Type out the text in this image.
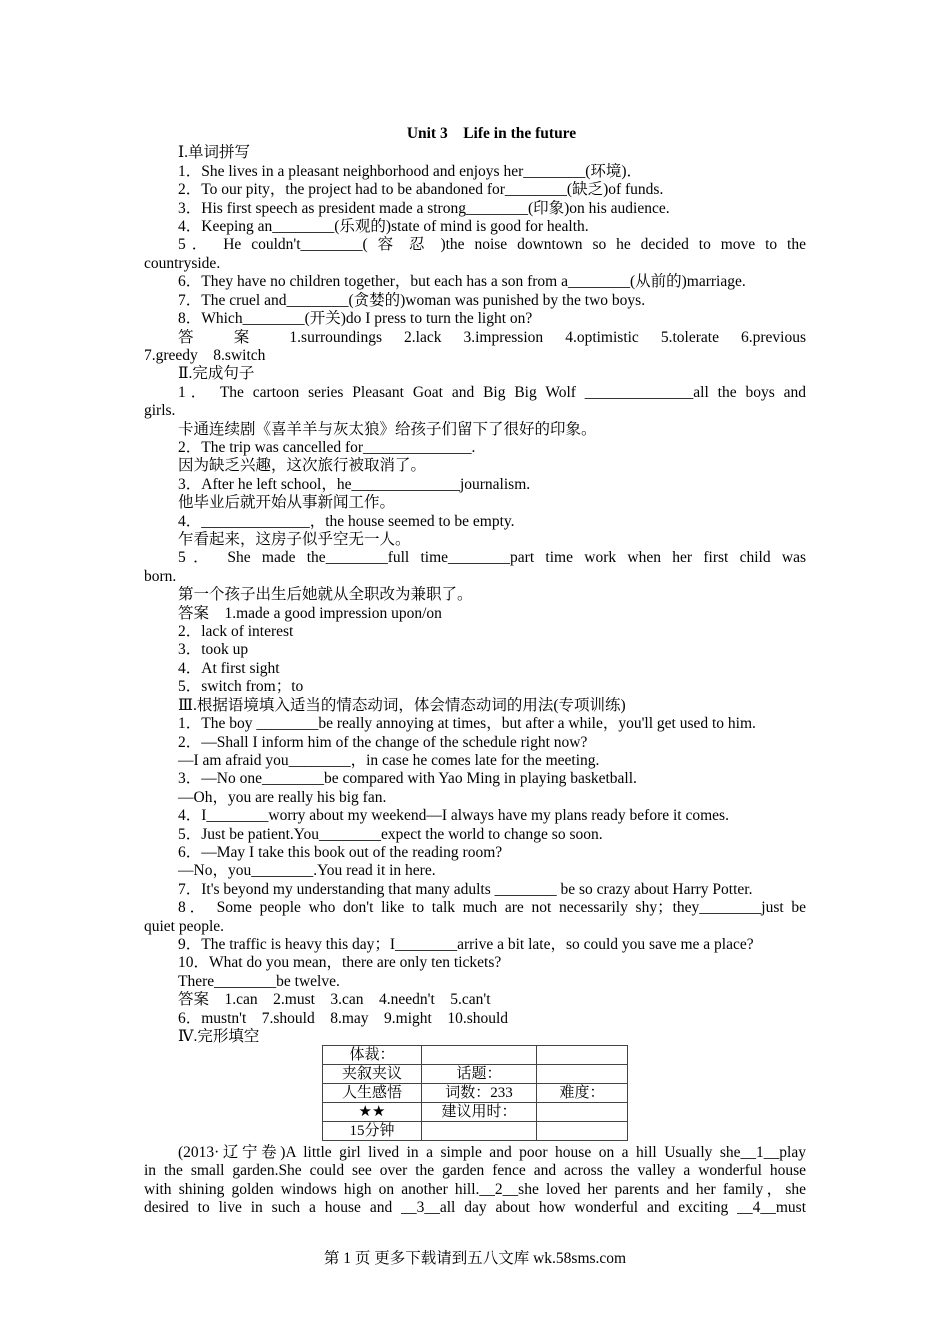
Unit 3　Life in the future
Ⅰ.单词拼写
1．She lives in a pleasant neighborhood and enjoys her________(环境)．
2．To our pity，the project had to be abandoned for________(缺乏)of funds.
3．His first speech as president made a strong________(印象)on his audience.
4．Keeping an________(乐观的)state of mind is good for health.
5． He couldn't________( 容 忍 )the noise downtown so he decided to move to the
countryside.
6．They have no children together，but each has a son from a________(从前的)marriage.
7．The cruel and________(贪婪的)woman was punished by the two boys.
8．Which________(开关)do I press to turn the light on?
答 案 1.surroundings 2.lack 3.impression 4.optimistic 5.tolerate 6.previous
7.greedy　8.switch
Ⅱ.完成句子
1． The cartoon series Pleasant Goat and Big Big Wolf ______________all the boys and
girls.
卡通连续剧《喜羊羊与灰太狼》给孩子们留下了很好的印象。
2．The trip was cancelled for______________.
因为缺乏兴趣，这次旅行被取消了。
3．After he left school，he______________journalism.
他毕业后就开始从事新闻工作。
4．______________，the house seemed to be empty.
乍看起来，这房子似乎空无一人。
5． She made the________full time________part time work when her first child was
born.
第一个孩子出生后她就从全职改为兼职了。
答案　1.made a good impression upon/on
2．lack of interest
3．took up
4．At first sight
5．switch from；to
Ⅲ.根据语境填入适当的情态动词，体会情态动词的用法(专项训练)
1．The boy ________be really annoying at times，but after a while，you'll get used to him.
2．—Shall I inform him of the change of the schedule right now?
—I am afraid you________，in case he comes late for the meeting.
3．—No one________be compared with Yao Ming in playing basketball.
—Oh，you are really his big fan.
4．I________worry about my weekend—I always have my plans ready before it comes.
5．Just be patient.You________expect the world to change so soon.
6．—May I take this book out of the reading room?
—No，you________.You read it in here.
7．It's beyond my understanding that many adults ________ be so crazy about Harry Potter.
8． Some people who don't like to talk much are not necessarily shy；they________just be
quiet people.
9．The traffic is heavy this day；I________arrive a bit late，so could you save me a place?
10．What do you mean，there are only ten tickets?
There________be twelve.
答案　1.can　2.must　3.can　4.needn't　5.can't
6．mustn't　7.should　8.may　9.might　10.should
Ⅳ.完形填空
体裁：		
夹叙夹议	话题：	
人生感悟	词数：233	难度：
★★	建议用时：	
15分钟		
(2013·辽宁卷)A little girl lived in a simple and poor house on a hill Usually she__1__play
in the small garden.She could see over the garden fence and across the valley a wonderful house
with shining golden windows high on another hill.__2__she loved her parents and her family，she
desired to live in such a house and __3__all day about how wonderful and exciting __4__must
第 1 页 更多下载请到五八文库 wk.58sms.com
